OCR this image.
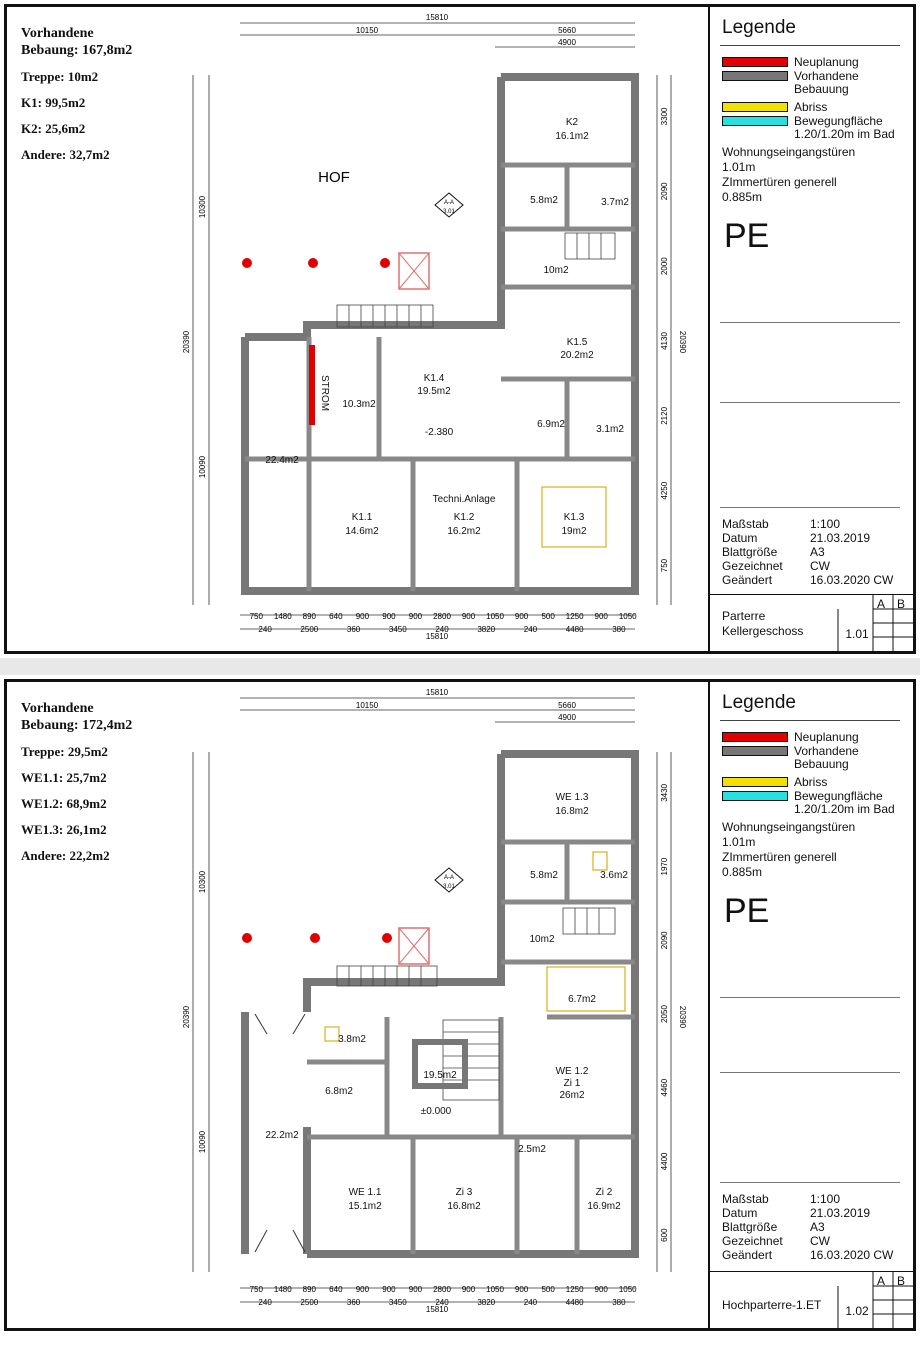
Vorhandene
Bebaung: 167,8m2
Treppe: 10m2
K1: 99,5m2
K2: 25,6m2
Andere: 32,7m2
15810
10150	5660
4900
15810
20390
10300
10090
20390
750 1480 890 640 900 900 900 2800 900 1050 900 500 1250 900 1050
240	2500	360	3450	240	3820	240	4480	380
3300
2090
2000
4130
2120
4250
750
A-A
3.01
HOF
K2
16.1m2
5.8m2	3.7m2
10m2
K1.5
20.2m2
K1.4
19.5m2
STROM 10.3m2
6.9m2	3.1m2
22.4m2
K1.1
14.6m2
K1.2
16.2m2
K1.3
19m2
-2.380
Techni.Anlage
Legende
Neuplanung
Vorhandene Bebauung
Abriss
Bewegungfläche 1.20/1.20m im Bad
Wohnungseingangstüren
1.01m
ZImmertüren generell
0.885m
PE
Maßstab	1:100
Datum	21.03.2019
Blattgröße	A3
Gezeichnet CW
Geändert	16.03.2020 CW
Parterre
Kellergeschoss	1.01
A B
Vorhandene
Bebaung: 172,4m2
Treppe: 29,5m2
WE1.1: 25,7m2
WE1.2: 68,9m2
WE1.3: 26,1m2
Andere: 22,2m2
15810
10150	5660
4900
15810
20390
10300
10090
20390
750 1480 890 640 900 900 900 2800 900 1050 900 500 1250 900 1050
240	2500	360	3450	240	3820	240	4480	380
3430
1970
2090
2050
4460
4400
600
A-A
3.01
WE 1.3
16.8m2
5.8m2	3.6m2
10m2
6.7m2
3.8m2
6.8m2
19.5m2	WE 1.2
Zi 1
26m2
22.2m2
2.5m2
WE 1.1
15.1m2
Zi 3
16.8m2
Zi 2
16.9m2
±0.000
Legende
Neuplanung
Vorhandene Bebauung
Abriss
Bewegungfläche 1.20/1.20m im Bad
Wohnungseingangstüren
1.01m
ZImmertüren generell
0.885m
PE
Maßstab	1:100
Datum	21.03.2019
Blattgröße	A3
Gezeichnet CW
Geändert	16.03.2020 CW
Hochparterre-1.ET	1.02
A B
